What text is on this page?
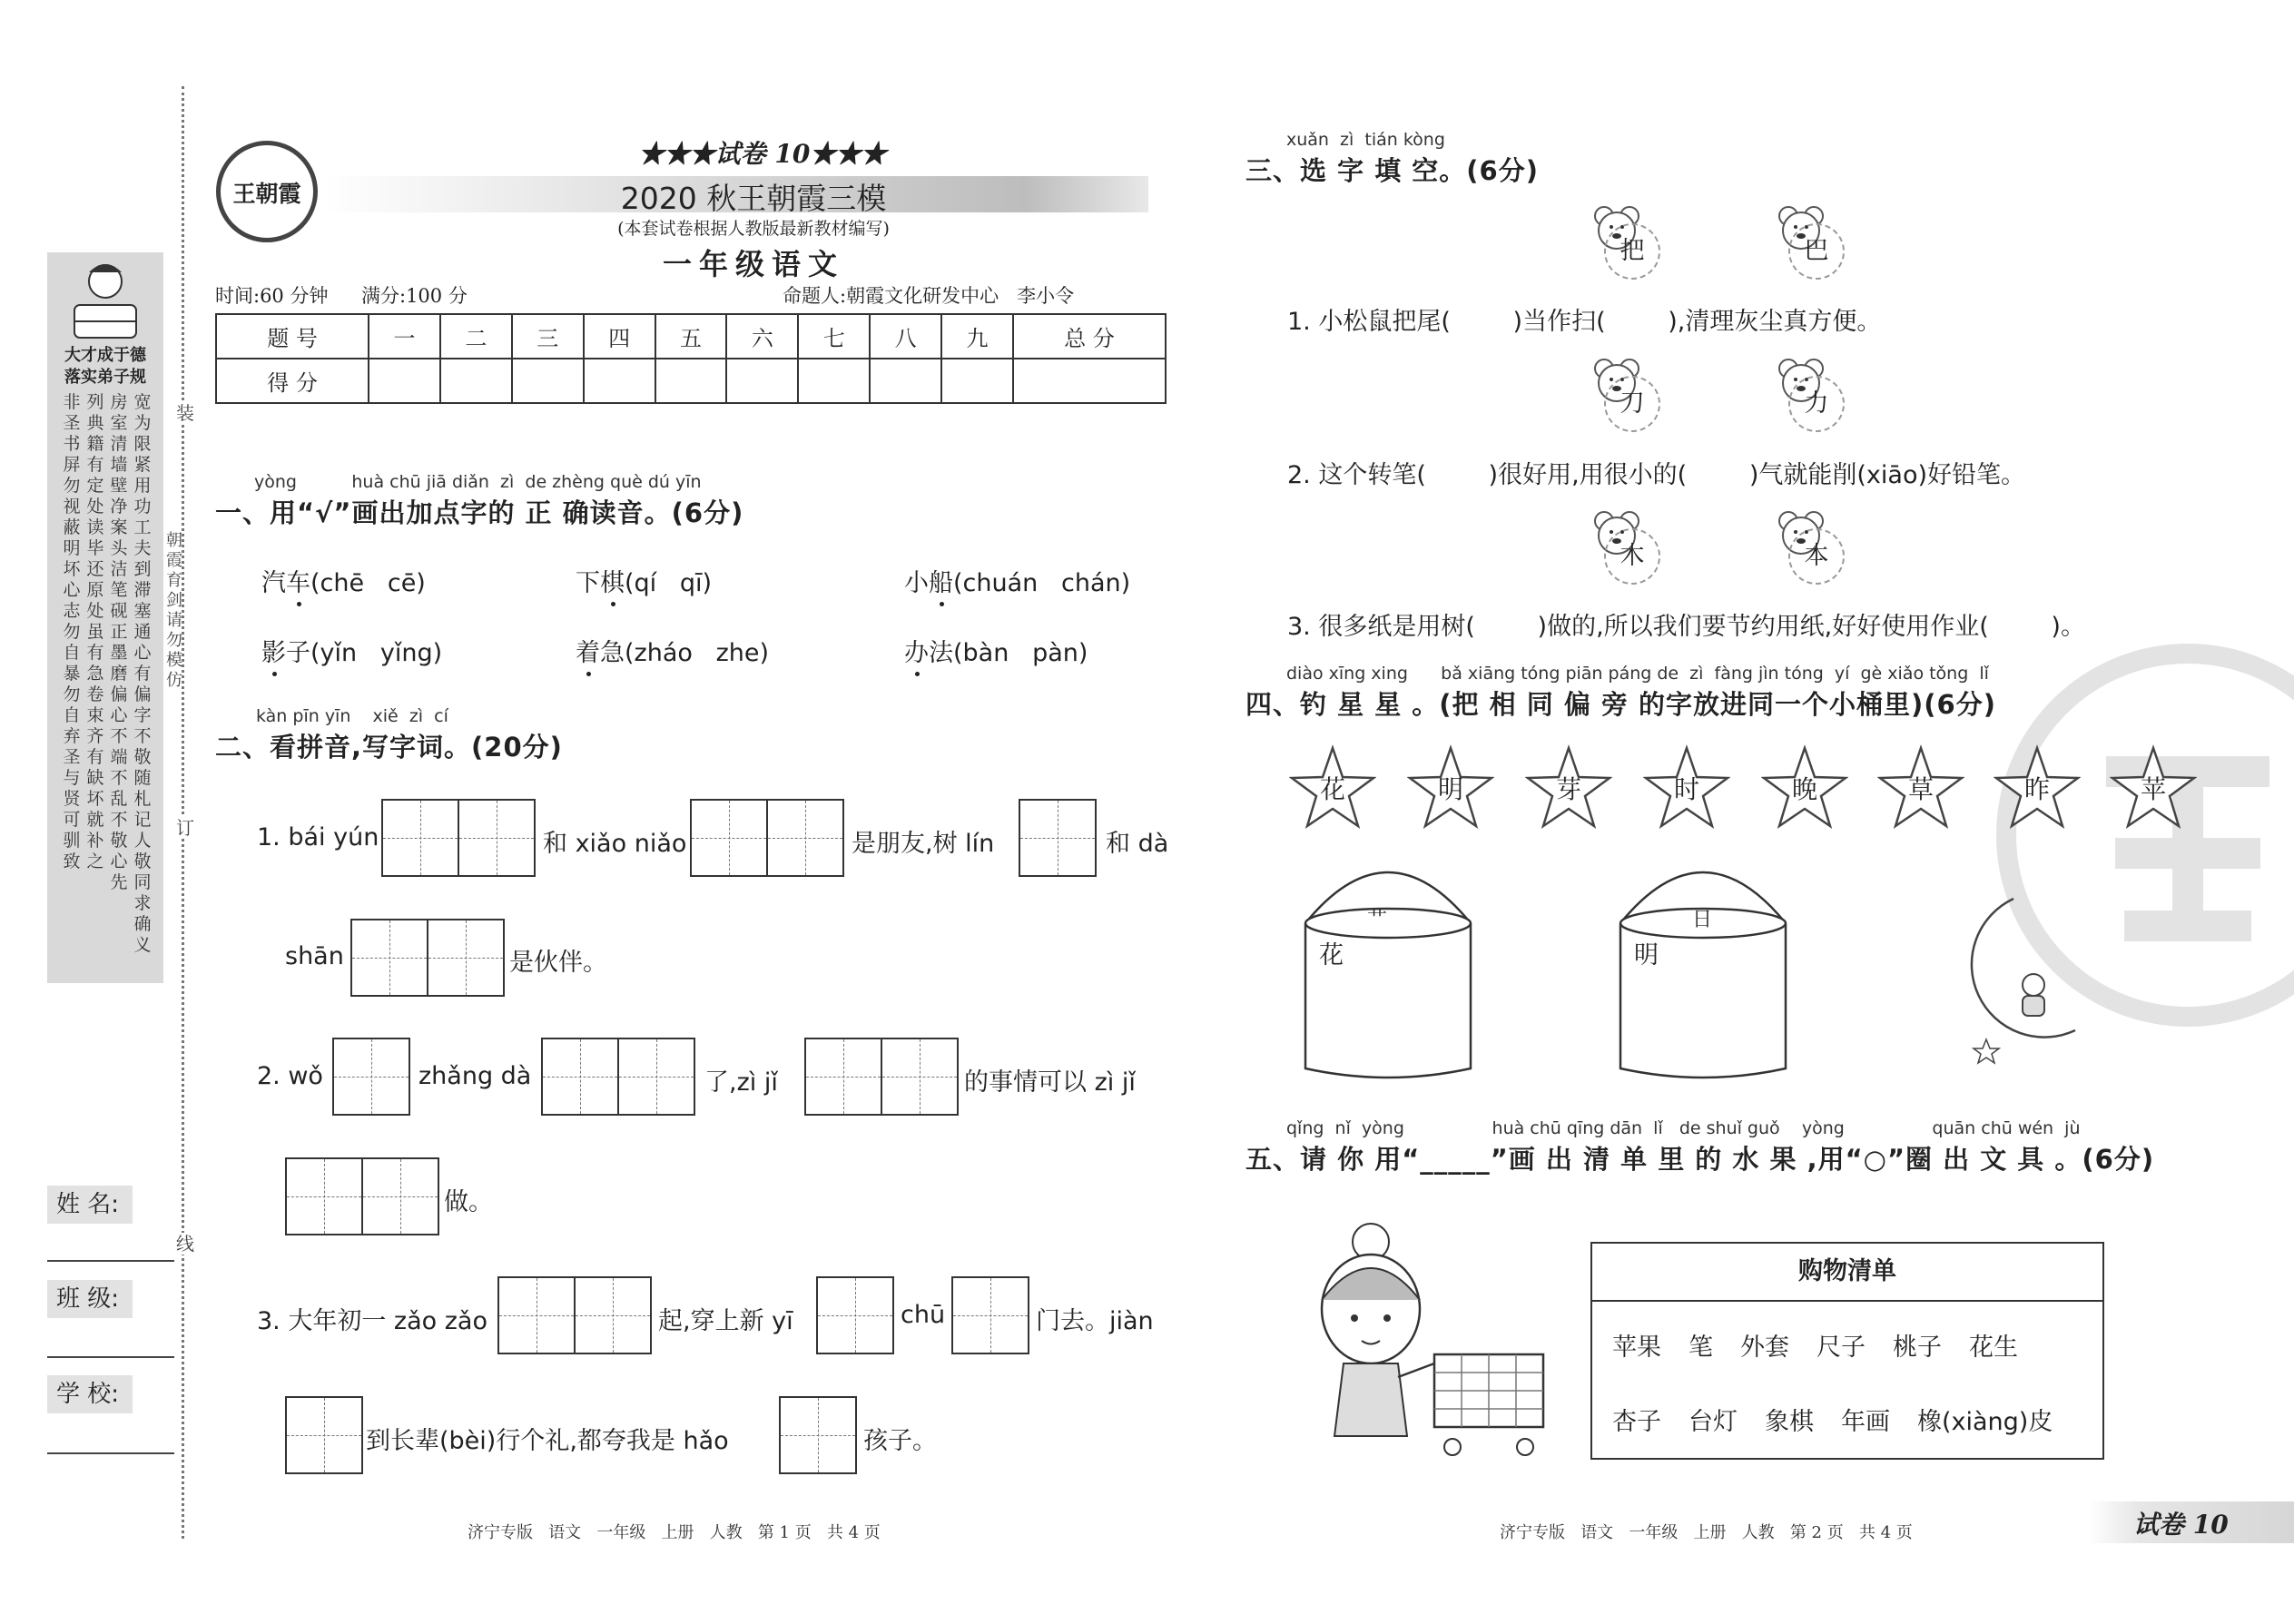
装
订
线
朝霞育剑 请勿模仿
大才成于德
落实弟子规
非圣书屏勿视蔽明坏心志勿自暴勿自弃圣与贤可驯致
列典籍有定处读毕还原处虽有急卷束齐有缺坏就补之
房室清墙壁净案头洁笔砚正墨磨偏心不端不乱不敬心先
宽为限紧用功工夫到滞塞通心有偏字不敬随札记人敬同求确义
姓 名:
班 级:
学 校:
王朝霞
★★★试卷 10★★★
2020 秋王朝霞三模
(本套试卷根据人教版最新教材编写)
一年级语文
时间:60 分钟 满分:100 分	命题人:朝霞文化研发中心   李小令
题 号	一	二	三	四	五	六	七	八	九	总 分
得 分										
yòng          huà chū jiā diǎn  zì  de zhèng què dú yīn
一、用“√”画出加点字的 正 确读音。(6分)
汽车(chē   cē)	下棋(qí   qī)	小船(chuán   chán)
影子(yǐn   yǐng)	着急(zháo   zhe)	办法(bàn   pàn)
kàn pīn yīn    xiě  zì  cí
二、看拼音,写字词。(20分)
1. bái yún	和 xiǎo niǎo	是朋友,树 lín	和 dà
shān	是伙伴。
2. wǒ	zhǎng dà	了,zì jǐ	的事情可以 zì jǐ
做。
3. 大年初一 zǎo zǎo	起,穿上新 yī	chū	门去。jiàn
到长辈(bèi)行个礼,都夸我是 hǎo	孩子。
济宁专版   语文   一年级   上册   人教   第 1 页   共 4 页
xuǎn  zì  tián kòng
三、选 字 填 空。(6分)
把	巴
1. 小松鼠把尾(        )当作扫(        ),清理灰尘真方便。
刀	力
2. 这个转笔(        )很好用,用很小的(        )气就能削(xiāo)好铅笔。
木	本
3. 很多纸是用树(        )做的,所以我们要节约用纸,好好使用作业(        )。
diào xīng xing      bǎ xiāng tóng piān páng de  zì  fàng jìn tóng  yí  gè xiǎo tǒng  lǐ
四、钓 星 星 。(把 相 同 偏 旁 的字放进同一个小桶里)(6分)
花	明	芽	时	晚	草	昨	苹
艹
花
日
明
qǐng  nǐ  yòng                huà chū qīng dān  lǐ   de shuǐ guǒ    yòng                quān chū wén  jù
五、请 你 用“_____”画 出 清 单 里 的 水 果 ,用“○”圈 出 文 具 。(6分)
购物清单
苹果 笔 外套 尺子 桃子 花生
杏子 台灯 象棋 年画 橡(xiàng)皮
济宁专版   语文   一年级   上册   人教   第 2 页   共 4 页	试卷 10
